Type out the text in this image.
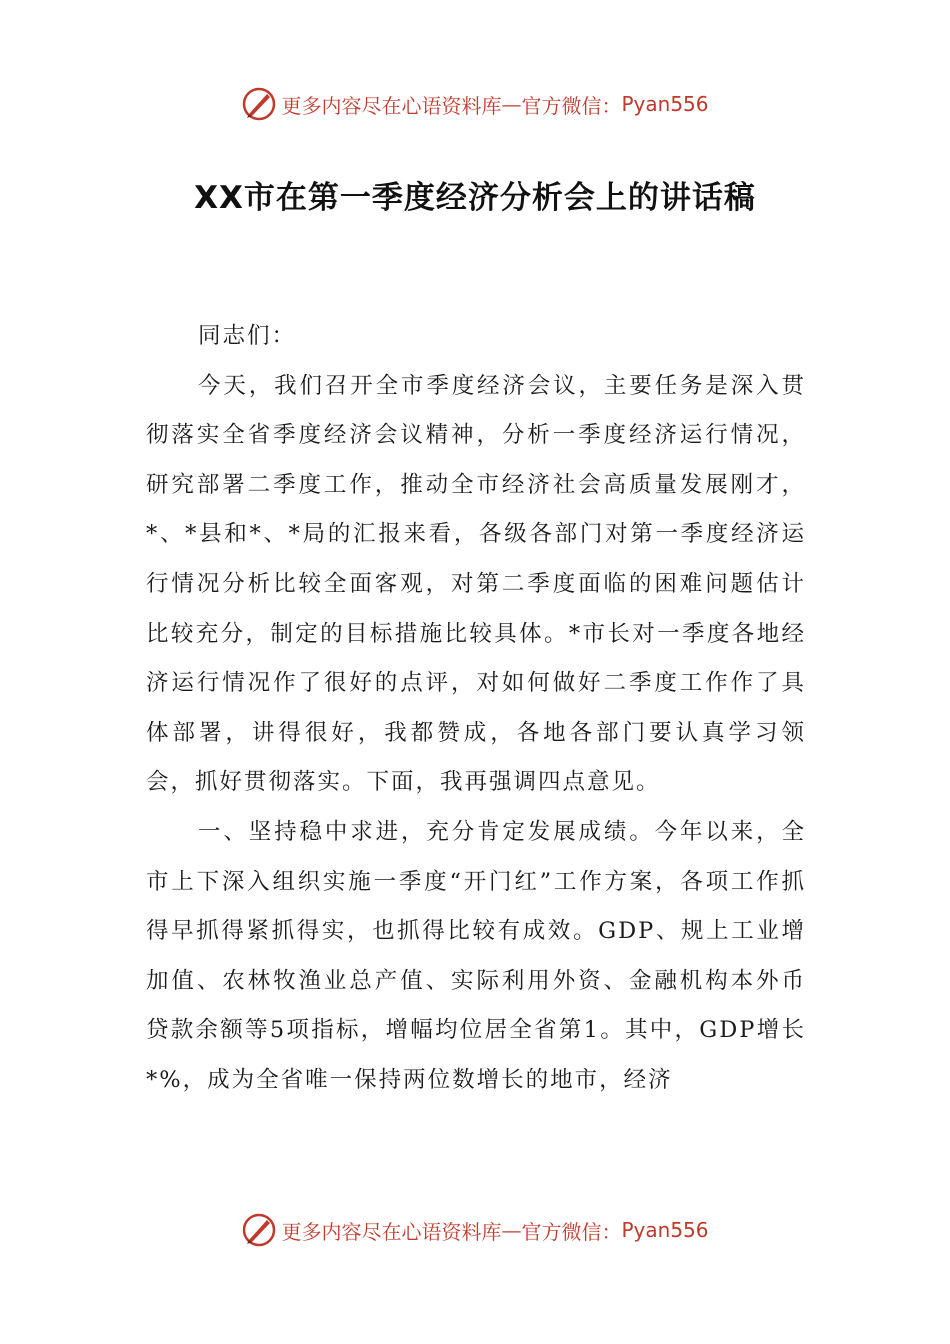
更多内容尽在心语资料库 — 官方微信： Pyan556
XX市在第一季度经济分析会上的讲话稿

同志们：

今天，我们召开全市季度经济会议，主要任务是深入贯彻落实全省季度经济会议精神，分析一季度经济运行情况，研究部署二季度工作，推动全市经济社会高质量发展刚才，*、*县和*、*局的汇报来看，各级各部门对第一季度经济运行情况分析比较全面客观，对第二季度面临的困难问题估计比较充分，制定的目标措施比较具体。*市长对一季度各地经济运行情况作了很好的点评，对如何做好二季度工作作了具体部署，讲得很好，我都赞成，各地各部门要认真学习领会，抓好贯彻落实。下面，我再强调四点意见。

一、坚持稳中求进，充分肯定发展成绩。今年以来，全市上下深入组织实施一季度“开门红”工作方案，各项工作抓得早抓得紧抓得实，也抓得比较有成效。GDP、规上工业增加值、农林牧渔业总产值、实际利用外资、金融机构本外币贷款余额等5项指标，增幅均位居全省第1。其中，GDP增长*%，成为全省唯一保持两位数增长的地市，经济

更多内容尽在心语资料库 — 官方微信： Pyan556
